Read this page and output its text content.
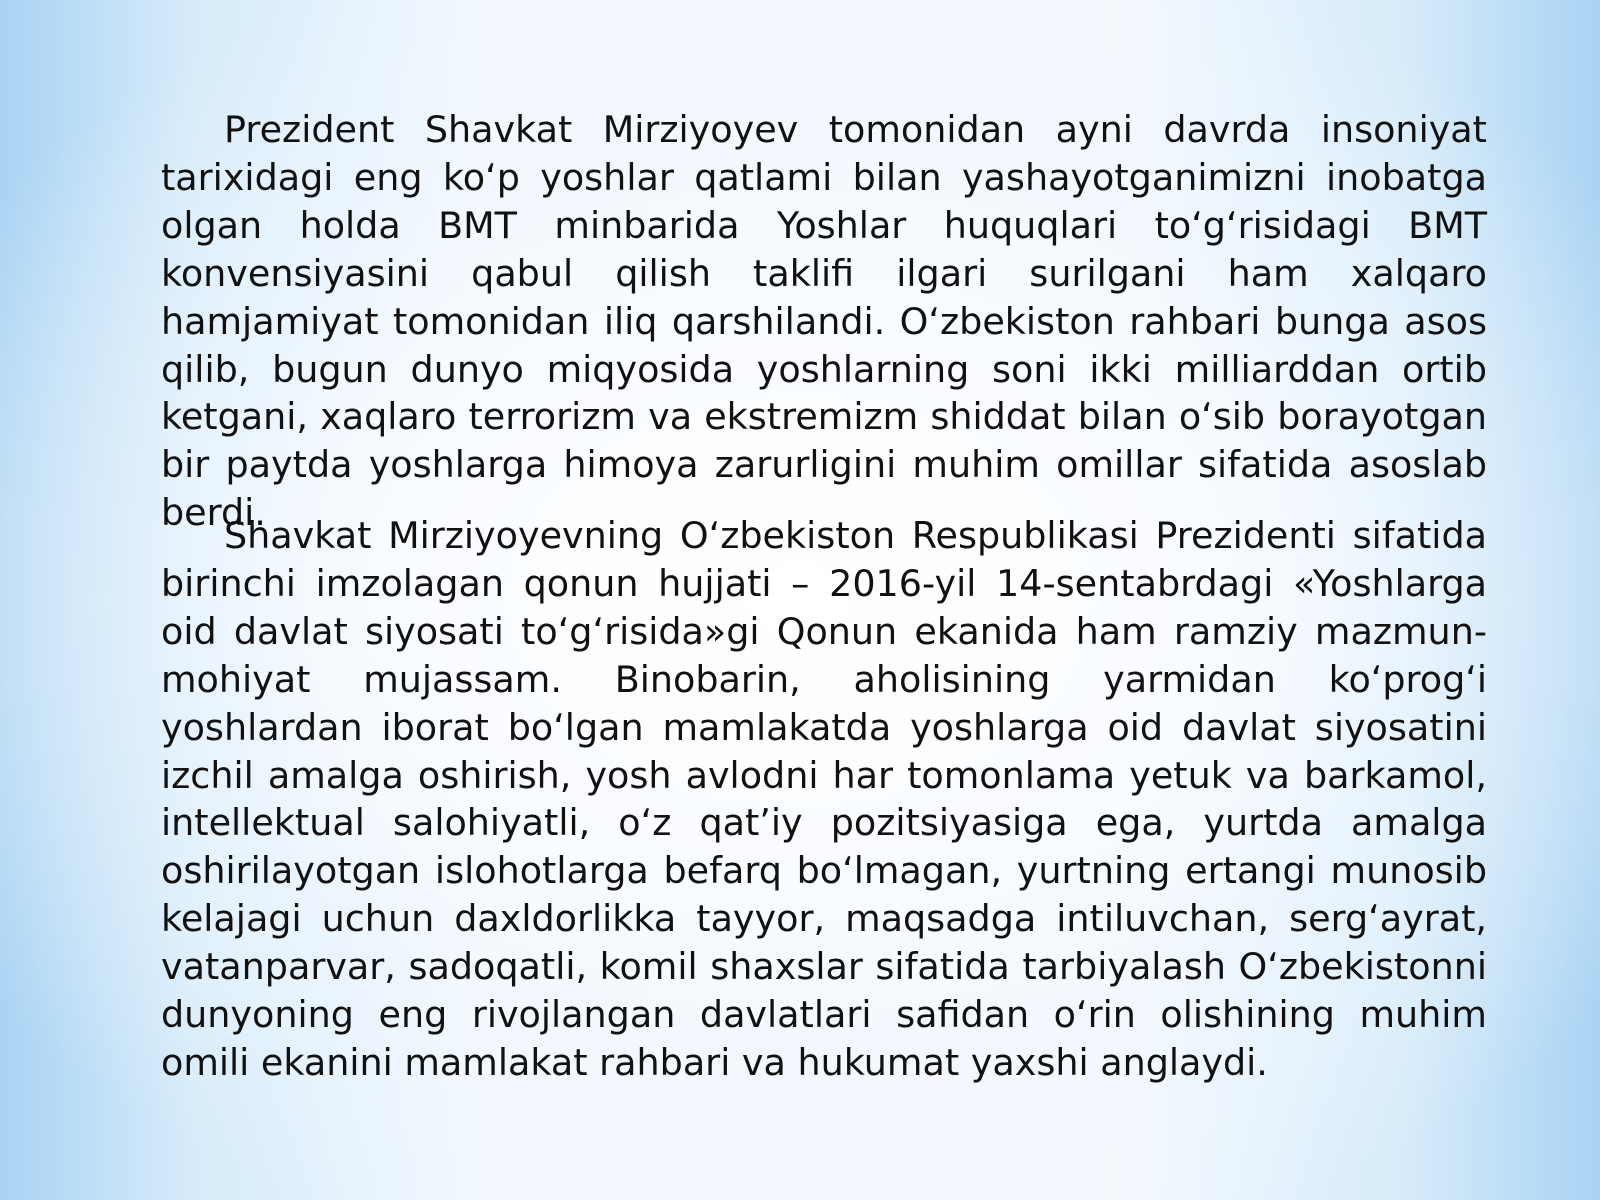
Prezident Shavkat Mirziyoyev tomonidan ayni davrda insoniyat tarixidagi eng ko‘p yoshlar qatlami bilan yashayotganimizni inobatga olgan holda BMT minbarida Yoshlar huquqlari to‘g‘risidagi BMT konvensiyasini qabul qilish taklifi ilgari surilgani ham xalqaro hamjamiyat tomonidan iliq qarshilandi. O‘zbekiston rahbari bunga asos qilib, bugun dunyo miqyosida yoshlarning soni ikki milliarddan ortib ketgani, xaqlaro terrorizm va ekstremizm shiddat bilan o‘sib borayotgan bir paytda yoshlarga himoya zarurligini muhim omillar sifatida asoslab berdi.

Shavkat Mirziyoyevning O‘zbekiston Respublikasi Prezidenti sifatida birinchi imzolagan qonun hujjati – 2016-yil 14-sentabrdagi «Yoshlarga oid davlat siyosati to‘g‘risida»gi Qonun ekanida ham ramziy mazmun-mohiyat mujassam. Binobarin, aholisining yarmidan ko‘prog‘i yoshlardan iborat bo‘lgan mamlakatda yoshlarga oid davlat siyosatini izchil amalga oshirish, yosh avlodni har tomonlama yetuk va barkamol, intellektual salohiyatli, o‘z qat’iy pozitsiyasiga ega, yurtda amalga oshirilayotgan islohotlarga befarq bo‘lmagan, yurtning ertangi munosib kelajagi uchun daxldorlikka tayyor, maqsadga intiluvchan, serg‘ayrat, vatanparvar, sadoqatli, komil shaxslar sifatida tarbiyalash O‘zbekistonni dunyoning eng rivojlangan davlatlari safidan o‘rin olishining muhim omili ekanini mamlakat rahbari va hukumat yaxshi anglaydi.
